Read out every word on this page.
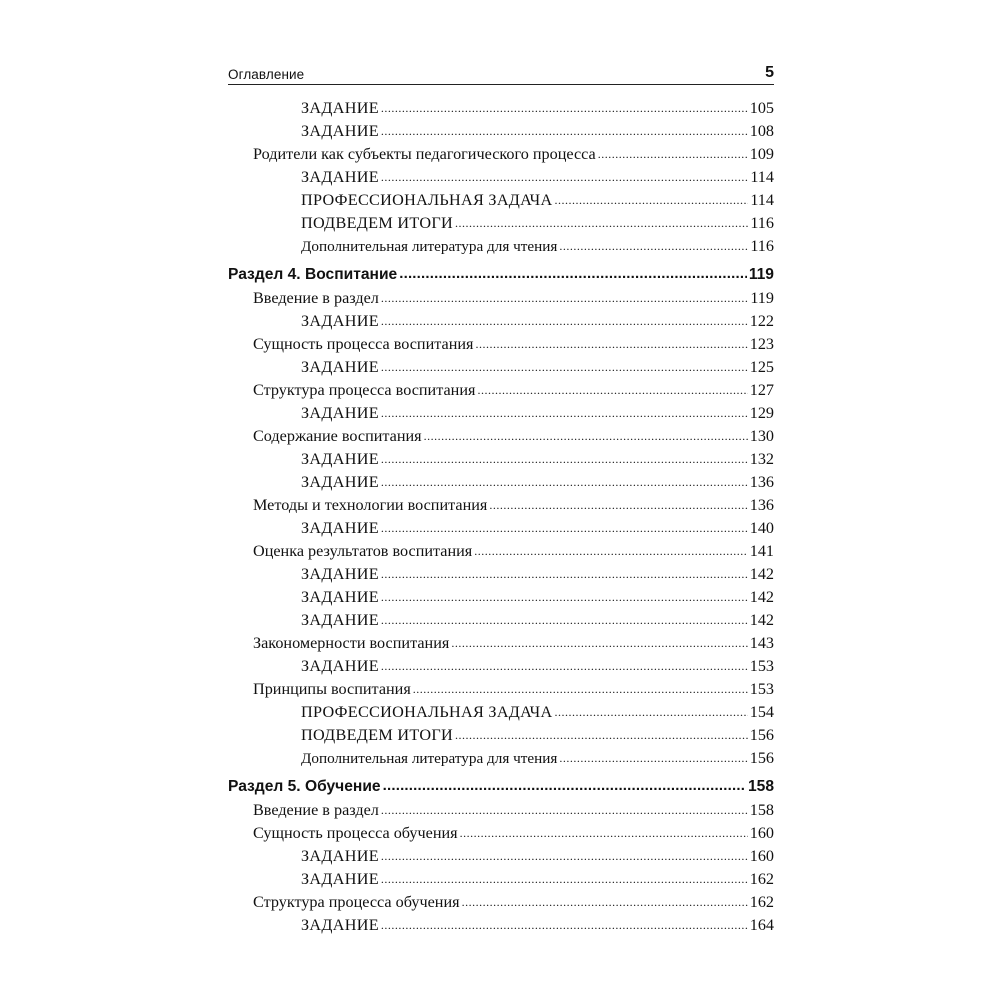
Оглавление	5
ЗАДАНИЕ .....	105
ЗАДАНИЕ .....	108
Родители как субъекты педагогического процесса .....	109
ЗАДАНИЕ .....	114
ПРОФЕССИОНАЛЬНАЯ ЗАДАЧА .....	114
ПОДВЕДЕМ ИТОГИ .....	116
Дополнительная литература для чтения .....	116
Раздел 4. Воспитание .....	119
Введение в раздел .....	119
ЗАДАНИЕ .....	122
Сущность процесса воспитания .....	123
ЗАДАНИЕ .....	125
Структура процесса воспитания .....	127
ЗАДАНИЕ .....	129
Содержание воспитания .....	130
ЗАДАНИЕ .....	132
ЗАДАНИЕ .....	136
Методы и технологии воспитания .....	136
ЗАДАНИЕ .....	140
Оценка результатов воспитания .....	141
ЗАДАНИЕ .....	142
ЗАДАНИЕ .....	142
ЗАДАНИЕ .....	142
Закономерности воспитания .....	143
ЗАДАНИЕ .....	153
Принципы воспитания .....	153
ПРОФЕССИОНАЛЬНАЯ ЗАДАЧА .....	154
ПОДВЕДЕМ ИТОГИ .....	156
Дополнительная литература для чтения .....	156
Раздел 5. Обучение .....	158
Введение в раздел .....	158
Сущность процесса обучения .....	160
ЗАДАНИЕ .....	160
ЗАДАНИЕ .....	162
Структура процесса обучения .....	162
ЗАДАНИЕ .....	164
